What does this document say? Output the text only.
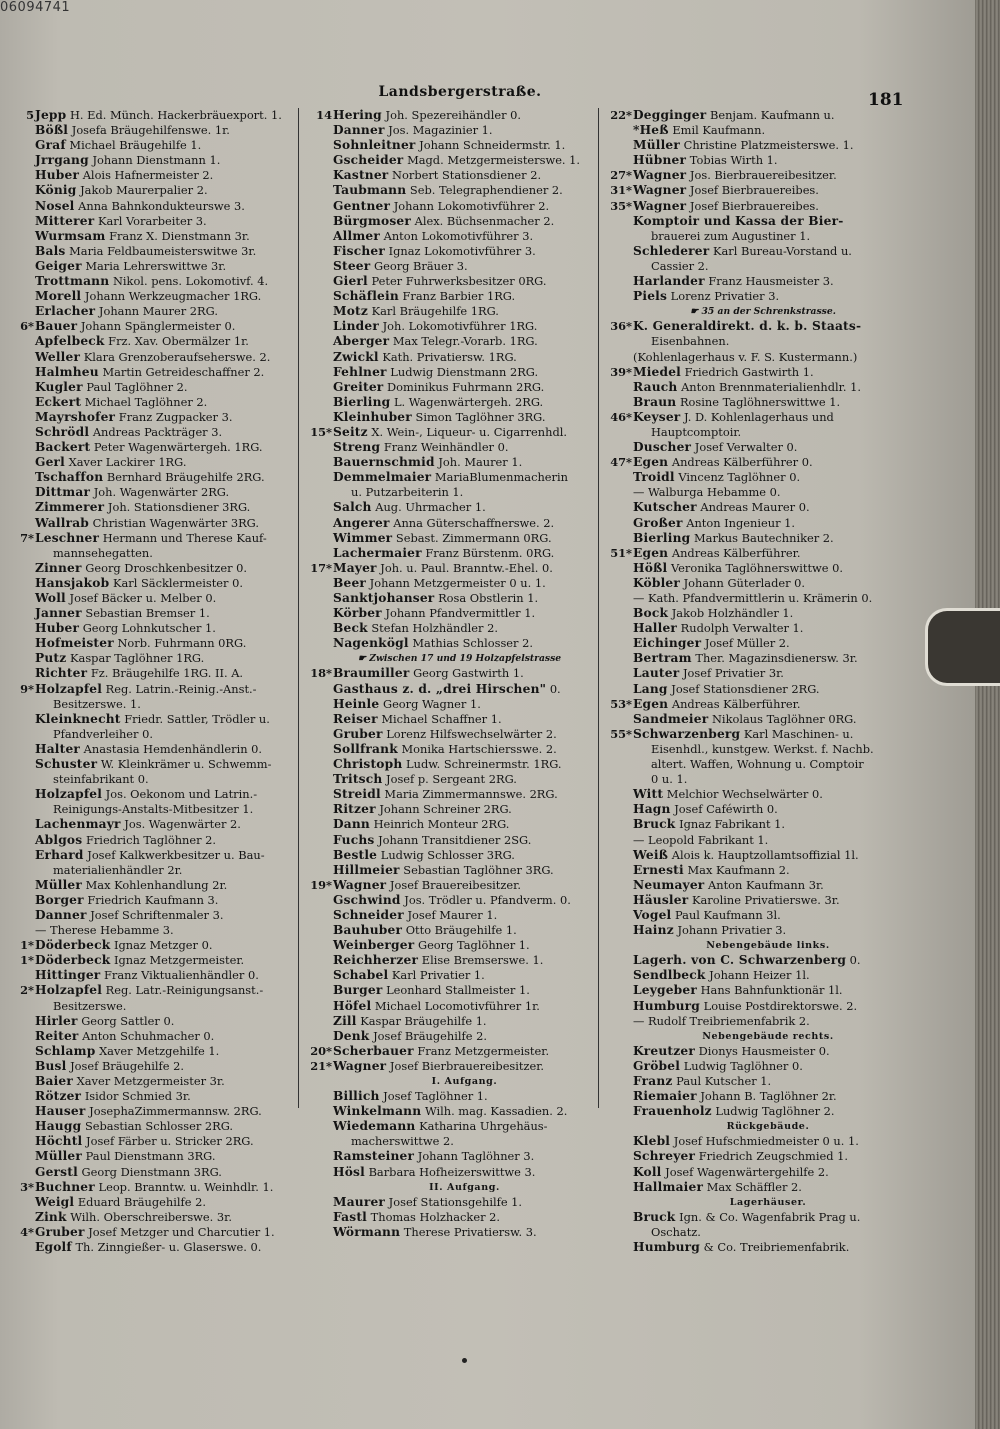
06094741
Landsbergerstraße.	181
5 Jepp H. Ed. Münch. Hackerbräuexport. 1.
Bößl Josefa Bräugehilfenswe. 1r.
Graf Michael Bräugehilfe 1.
Jrrgang Johann Dienstmann 1.
Huber Alois Hafnermeister 2.
König Jakob Maurerpalier 2.
Nosel Anna Bahnkondukteurswe 3.
Mitterer Karl Vorarbeiter 3.
Wurmsam Franz X. Dienstmann 3r.
Bals Maria Feldbaumeisterswitwe 3r.
Geiger Maria Lehrerswittwe 3r.
Trottmann Nikol. pens. Lokomotivf. 4.
Morell Johann Werkzeugmacher 1RG.
Erlacher Johann Maurer 2RG.
6* Bauer Johann Spänglermeister 0.
Apfelbeck Frz. Xav. Obermälzer 1r.
Weller Klara Grenzoberaufseherswe. 2.
Halmheu Martin Getreideschaffner 2.
Kugler Paul Taglöhner 2.
Eckert Michael Taglöhner 2.
Mayrshofer Franz Zugpacker 3.
Schrödl Andreas Packträger 3.
Backert Peter Wagenwärtergeh. 1RG.
Gerl Xaver Lackirer 1RG.
Tschaffon Bernhard Bräugehilfe 2RG.
Dittmar Joh. Wagenwärter 2RG.
Zimmerer Joh. Stationsdiener 3RG.
Wallrab Christian Wagenwärter 3RG.
7* Leschner Hermann und Therese Kauf-
mannsehegatten.
Zinner Georg Droschkenbesitzer 0.
Hansjakob Karl Säcklermeister 0.
Woll Josef Bäcker u. Melber 0.
Janner Sebastian Bremser 1.
Huber Georg Lohnkutscher 1.
Hofmeister Norb. Fuhrmann 0RG.
Putz Kaspar Taglöhner 1RG.
Richter Fz. Bräugehilfe 1RG. II. A.
9* Holzapfel Reg. Latrin.-Reinig.-Anst.-
Besitzerswe. 1.
Kleinknecht Friedr. Sattler, Trödler u.
Pfandverleiher 0.
Halter Anastasia Hemdenhändlerin 0.
Schuster W. Kleinkrämer u. Schwemm-
steinfabrikant 0.
Holzapfel Jos. Oekonom und Latrin.-
Reinigungs-Anstalts-Mitbesitzer 1.
Lachenmayr Jos. Wagenwärter 2.
Ablgos Friedrich Taglöhner 2.
Erhard Josef Kalkwerkbesitzer u. Bau-
materialienhändler 2r.
Müller Max Kohlenhandlung 2r.
Borger Friedrich Kaufmann 3.
Danner Josef Schriftenmaler 3.
— Therese Hebamme 3.
1* Döderbeck Ignaz Metzger 0.
1* Döderbeck Ignaz Metzgermeister.
Hittinger Franz Viktualienhändler 0.
2* Holzapfel Reg. Latr.-Reinigungsanst.-
Besitzerswe.
Hirler Georg Sattler 0.
Reiter Anton Schuhmacher 0.
Schlamp Xaver Metzgehilfe 1.
Busl Josef Bräugehilfe 2.
Baier Xaver Metzgermeister 3r.
Rötzer Isidor Schmied 3r.
Hauser JosephaZimmermannsw. 2RG.
Haugg Sebastian Schlosser 2RG.
Höchtl Josef Färber u. Stricker 2RG.
Müller Paul Dienstmann 3RG.
Gerstl Georg Dienstmann 3RG.
3* Buchner Leop. Branntw. u. Weinhdlr. 1.
Weigl Eduard Bräugehilfe 2.
Zink Wilh. Oberschreiberswe. 3r.
4* Gruber Josef Metzger und Charcutier 1.
Egolf Th. Zinngießer- u. Glaserswe. 0.
14 Hering Joh. Spezereihändler 0.
Danner Jos. Magazinier 1.
Sohnleitner Johann Schneidermstr. 1.
Gscheider Magd. Metzgermeisterswe. 1.
Kastner Norbert Stationsdiener 2.
Taubmann Seb. Telegraphendiener 2.
Gentner Johann Lokomotivführer 2.
Bürgmoser Alex. Büchsenmacher 2.
Allmer Anton Lokomotivführer 3.
Fischer Ignaz Lokomotivführer 3.
Steer Georg Bräuer 3.
Gierl Peter Fuhrwerksbesitzer 0RG.
Schäflein Franz Barbier 1RG.
Motz Karl Bräugehilfe 1RG.
Linder Joh. Lokomotivführer 1RG.
Aberger Max Telegr.-Vorarb. 1RG.
Zwickl Kath. Privatiersw. 1RG.
Fehlner Ludwig Dienstmann 2RG.
Greiter Dominikus Fuhrmann 2RG.
Bierling L. Wagenwärtergeh. 2RG.
Kleinhuber Simon Taglöhner 3RG.
15* Seitz X. Wein-, Liqueur- u. Cigarrenhdl.
Streng Franz Weinhändler 0.
Bauernschmid Joh. Maurer 1.
Demmelmaier MariaBlumenmacherin
u. Putzarbeiterin 1.
Salch Aug. Uhrmacher 1.
Angerer Anna Güterschaffnerswe. 2.
Wimmer Sebast. Zimmermann 0RG.
Lachermaier Franz Bürstenm. 0RG.
17* Mayer Joh. u. Paul. Branntw.-Ehel. 0.
Beer Johann Metzgermeister 0 u. 1.
Sanktjohanser Rosa Obstlerin 1.
Körber Johann Pfandvermittler 1.
Beck Stefan Holzhändler 2.
Nagenkögl Mathias Schlosser 2.
☛ Zwischen 17 und 19 Holzapfelstrasse
18* Braumiller Georg Gastwirth 1.
Gasthaus z. d. „drei Hirschen" 0.
Heinle Georg Wagner 1.
Reiser Michael Schaffner 1.
Gruber Lorenz Hilfswechselwärter 2.
Sollfrank Monika Hartschiersswe. 2.
Christoph Ludw. Schreinermstr. 1RG.
Tritsch Josef p. Sergeant 2RG.
Streidl Maria Zimmermannswe. 2RG.
Ritzer Johann Schreiner 2RG.
Dann Heinrich Monteur 2RG.
Fuchs Johann Transitdiener 2SG.
Bestle Ludwig Schlosser 3RG.
Hillmeier Sebastian Taglöhner 3RG.
19* Wagner Josef Brauereibesitzer.
Gschwind Jos. Trödler u. Pfandverm. 0.
Schneider Josef Maurer 1.
Bauhuber Otto Bräugehilfe 1.
Weinberger Georg Taglöhner 1.
Reichherzer Elise Bremserswe. 1.
Schabel Karl Privatier 1.
Burger Leonhard Stallmeister 1.
Höfel Michael Locomotivführer 1r.
Zill Kaspar Bräugehilfe 1.
Denk Josef Bräugehilfe 2.
20* Scherbauer Franz Metzgermeister.
21* Wagner Josef Bierbrauereibesitzer.
I. Aufgang.
Billich Josef Taglöhner 1.
Winkelmann Wilh. mag. Kassadien. 2.
Wiedemann Katharina Uhrgehäus-
macherswittwe 2.
Ramsteiner Johann Taglöhner 3.
Hösl Barbara Hofheizerswittwe 3.
II. Aufgang.
Maurer Josef Stationsgehilfe 1.
Fastl Thomas Holzhacker 2.
Wörmann Therese Privatiersw. 3.
22* Degginger Benjam. Kaufmann u.
*Heß Emil Kaufmann.
Müller Christine Platzmeisterswe. 1.
Hübner Tobias Wirth 1.
27* Wagner Jos. Bierbrauereibesitzer.
31* Wagner Josef Bierbrauereibes.
35* Wagner Josef Bierbrauereibes.
Komptoir und Kassa der Bier-
brauerei zum Augustiner 1.
Schlederer Karl Bureau-Vorstand u.
Cassier 2.
Harlander Franz Hausmeister 3.
Piels Lorenz Privatier 3.
☛ 35 an der Schrenkstrasse.
36* K. Generaldirekt. d. k. b. Staats-
Eisenbahnen.
(Kohlenlagerhaus v. F. S. Kustermann.)
39* Miedel Friedrich Gastwirth 1.
Rauch Anton Brennmaterialienhdlr. 1.
Braun Rosine Taglöhnerswittwe 1.
46* Keyser J. D. Kohlenlagerhaus und
Hauptcomptoir.
Duscher Josef Verwalter 0.
47* Egen Andreas Kälberführer 0.
Troidl Vincenz Taglöhner 0.
— Walburga Hebamme 0.
Kutscher Andreas Maurer 0.
Großer Anton Ingenieur 1.
Bierling Markus Bautechniker 2.
51* Egen Andreas Kälberführer.
Hößl Veronika Taglöhnerswittwe 0.
Köbler Johann Güterlader 0.
— Kath. Pfandvermittlerin u. Krämerin 0.
Bock Jakob Holzhändler 1.
Haller Rudolph Verwalter 1.
Eichinger Josef Müller 2.
Bertram Ther. Magazinsdienersw. 3r.
Lauter Josef Privatier 3r.
Lang Josef Stationsdiener 2RG.
53* Egen Andreas Kälberführer.
Sandmeier Nikolaus Taglöhner 0RG.
55* Schwarzenberg Karl Maschinen- u.
Eisenhdl., kunstgew. Werkst. f. Nachb.
altert. Waffen, Wohnung u. Comptoir
0 u. 1.
Witt Melchior Wechselwärter 0.
Hagn Josef Caféwirth 0.
Bruck Ignaz Fabrikant 1.
— Leopold Fabrikant 1.
Weiß Alois k. Hauptzollamtsoffizial 1l.
Ernesti Max Kaufmann 2.
Neumayer Anton Kaufmann 3r.
Häusler Karoline Privatierswe. 3r.
Vogel Paul Kaufmann 3l.
Hainz Johann Privatier 3.
Nebengebäude links.
Lagerh. von C. Schwarzenberg 0.
Sendlbeck Johann Heizer 1l.
Leygeber Hans Bahnfunktionär 1l.
Humburg Louise Postdirektorswe. 2.
— Rudolf Treibriemenfabrik 2.
Nebengebäude rechts.
Kreutzer Dionys Hausmeister 0.
Gröbel Ludwig Taglöhner 0.
Franz Paul Kutscher 1.
Riemaier Johann B. Taglöhner 2r.
Frauenholz Ludwig Taglöhner 2.
Rückgebäude.
Klebl Josef Hufschmiedmeister 0 u. 1.
Schreyer Friedrich Zeugschmied 1.
Koll Josef Wagenwärtergehilfe 2.
Hallmaier Max Schäffler 2.
Lagerhäuser.
Bruck Ign. & Co. Wagenfabrik Prag u.
Oschatz.
Humburg & Co. Treibriemenfabrik.
